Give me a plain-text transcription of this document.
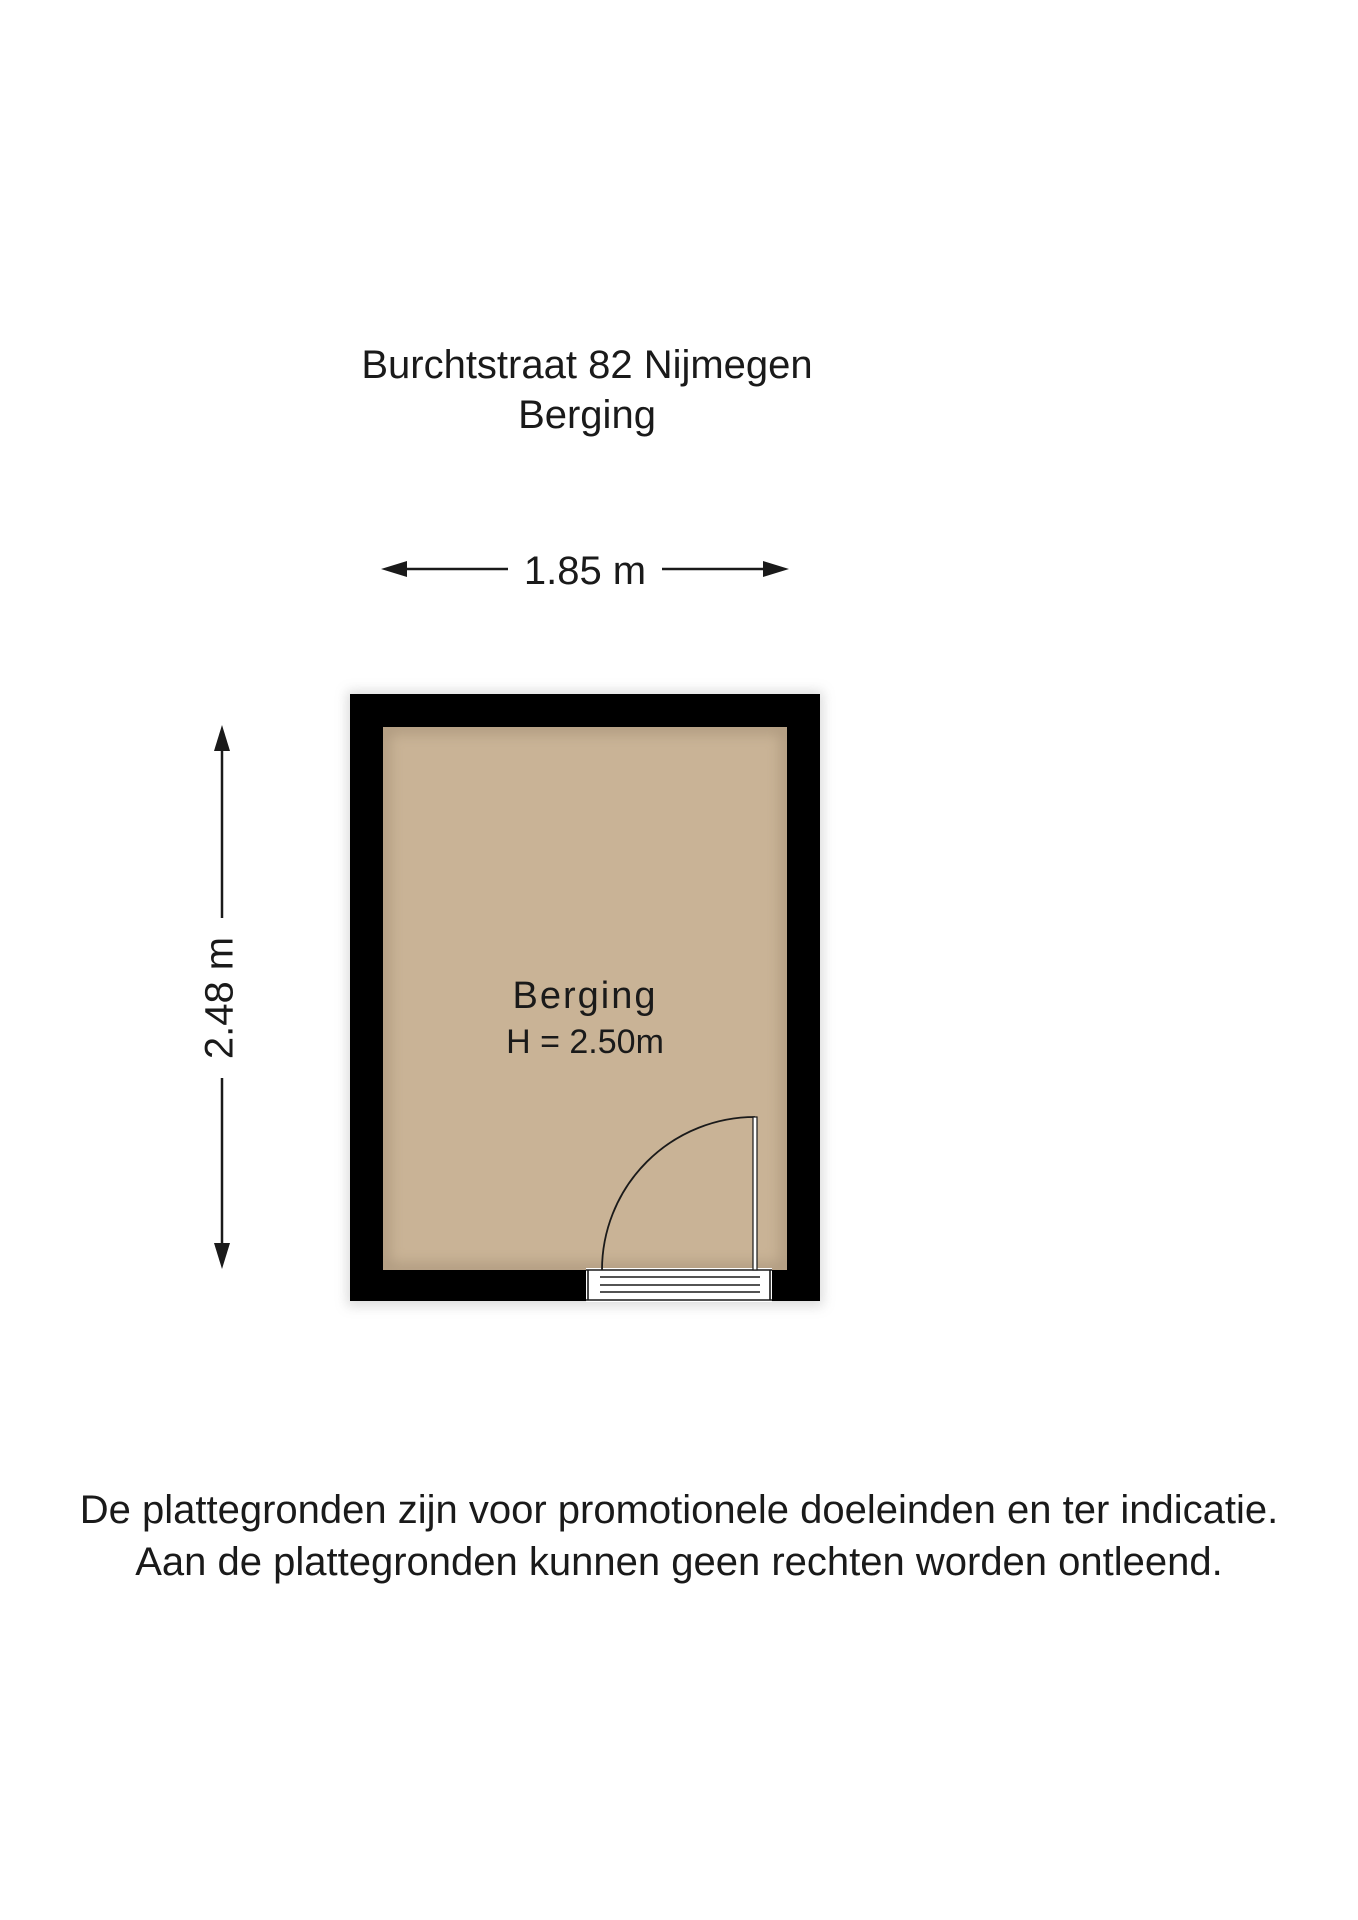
Burchtstraat 82 Nijmegen
Berging
1.85 m
2.48 m	Berging
H = 2.50m
De plattegronden zijn voor promotionele doeleinden en ter indicatie.
Aan de plattegronden kunnen geen rechten worden ontleend.
